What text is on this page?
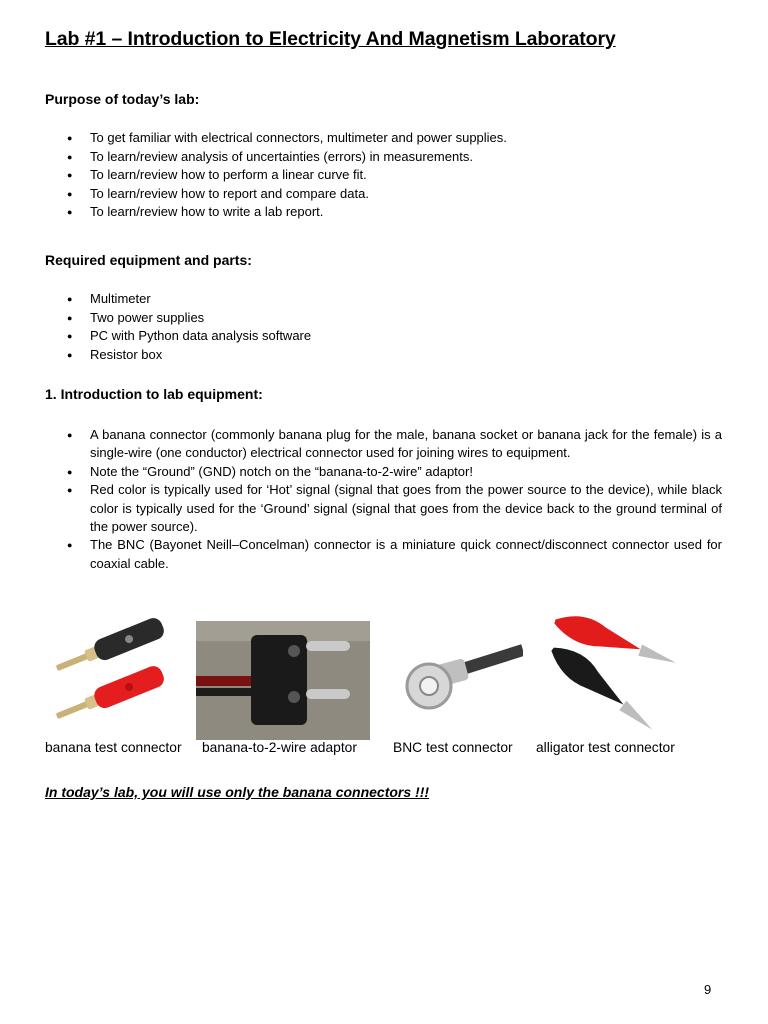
Lab #1 – Introduction to Electricity And Magnetism Laboratory
Purpose of today’s lab:
● To get familiar with electrical connectors, multimeter and power supplies.
● To learn/review analysis of uncertainties (errors) in measurements.
● To learn/review how to perform a linear curve fit.
● To learn/review how to report and compare data.
● To learn/review how to write a lab report.
Required equipment and parts:
● Multimeter
● Two power supplies
● PC with Python data analysis software
● Resistor box
1. Introduction to lab equipment:
● A banana connector (commonly banana plug for the male, banana socket or banana jack for the female) is a single-wire (one conductor) electrical connector used for joining wires to equipment.
● Note the “Ground” (GND) notch on the “banana-to-2-wire” adaptor!
● Red color is typically used for ‘Hot’ signal (signal that goes from the power source to the device), while black color is typically used for the ‘Ground’ signal (signal that goes from the device back to the ground terminal of the power source).
● The BNC (Bayonet Neill–Concelman) connector is a miniature quick connect/disconnect connector used for coaxial cable.
banana test connector banana-to-2-wire adaptor	BNC test connector alligator test connector
In today’s lab, you will use only the banana connectors !!!
9
